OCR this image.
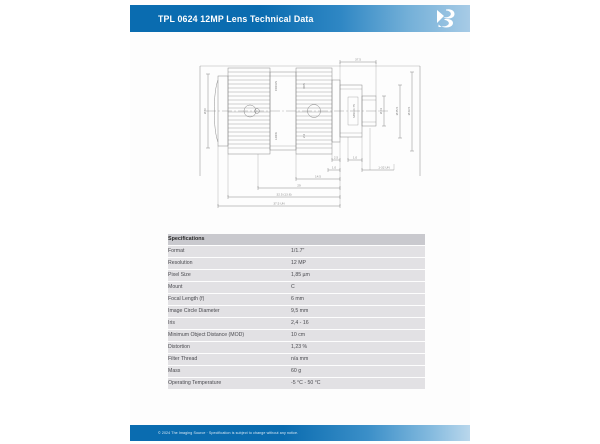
TPL 0624 12MP Lens Technical Data
37.5
2.5	1.0
1.0	1-32 UN
14.5
29
32.5 (13.8)
37.5 UN
Ø30	Ø39.5
Ø35.5
Ø29
M30x0.75
FOCUS
LOCK
IRIS
2.4
Specifications	
Format	1/1.7"
Resolution	12 MP
Pixel Size	1,85 µm
Mount	C
Focal Length (f)	6 mm
Image Circle Diameter	9,5 mm
Iris	2,4 - 16
Minimum Object Distance (MOD)	10 cm
Distortion	1,23 %
Filter Thread	n/a mm
Mass	60 g
Operating Temperature	-5 °C - 50 °C
© 2024 The Imaging Source · Specification is subject to change without any notice.
